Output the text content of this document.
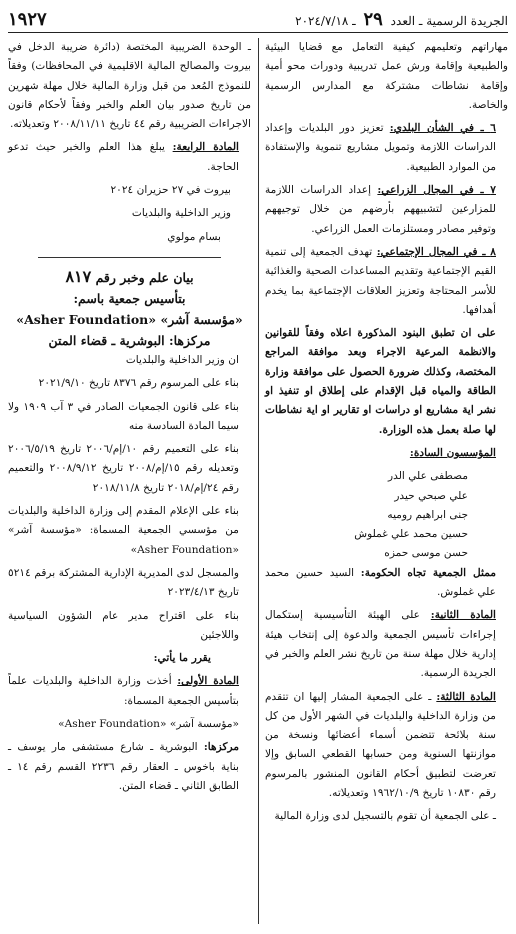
الجريدة الرسمية ـ العدد ٢٩ ـ ٢٠٢٤/٧/١٨
١٩٢٧

مهاراتهم وتعليمهم كيفية التعامل مع قضايا البيئية والطبيعية وإقامة ورش عمل تدريبية ودورات محو أمية وإقامة نشاطات مشتركة مع المدارس الرسمية والخاصة.

٦ ـ في الشأن البلدي: تعزيز دور البلديات وإعداد الدراسات اللازمة وتمويل مشاريع تنموية والإستفادة من الموارد الطبيعية.

٧ ـ في المجال الزراعي: إعداد الدراسات اللازمة للمزارعين لتشبيههم بأرضهم من خلال توجيههم وتوفير مصادر ومستلزمات العمل الزراعي.

٨ ـ في المجال الإجتماعي: تهدف الجمعية إلى تنمية القيم الإجتماعية وتقديم المساعدات الصحية والغذائية للأسر المحتاجة وتعزيز العلاقات الإجتماعية بما يخدم أهدافها.

على ان تطبق البنود المذكورة اعلاه وفقاً للقوانين والانظمة المرعية الاجراء وبعد موافقة المراجع المختصة، وكذلك ضرورة الحصول على موافقة وزارة الطاقة والمياه قبل الإقدام على إطلاق او تنفيذ او نشر اية مشاريع او دراسات او تقارير او اية نشاطات لها صلة بعمل هذه الوزارة.

المؤسسون السادة:

مصطفى علي الدر
علي صبحي حيدر
جنى ابراهيم روميه
حسين محمد علي غملوش
حسن موسى حمزه

ممثل الجمعية تجاه الحكومة: السيد حسين محمد علي غملوش.

المادة الثانية: على الهيئة التأسيسية إستكمال إجراءات تأسيس الجمعية والدعوة إلى إنتخاب هيئة إدارية خلال مهلة سنة من تاريخ نشر العلم والخبر في الجريدة الرسمية.

المادة الثالثة: ـ على الجمعية المشار إليها ان تتقدم من وزارة الداخلية والبلديات في الشهر الأول من كل سنة بلائحة تتضمن أسماء أعضائها ونسخة من موازنتها السنوية ومن حسابها القطعي السابق وإلا تعرضت لتطبيق أحكام القانون المنشور بالمرسوم رقم ١٠٨٣٠ تاريخ ١٩٦٢/١٠/٩ وتعديلاته.

ـ على الجمعية أن تقوم بالتسجيل لدى وزارة المالية

ـ الوحدة الضريبية المختصة (دائرة ضريبة الدخل في بيروت والمصالح المالية الاقليمية في المحافظات) وفقاً للنموذج المُعد من قبل وزارة المالية خلال مهلة شهرين من تاريخ صدور بيان العلم والخبر وفقاً لأحكام قانون الاجراءات الضريبية رقم ٤٤ تاريخ ٢٠٠٨/١١/١١ وتعديلاته.

المادة الرابعة: يبلغ هذا العلم والخبر حيث تدعو الحاجة.

بيروت في ٢٧ حزيران ٢٠٢٤

وزير الداخلية والبلديات

بسام مولوي

بيان علم وخبر رقم ٨١٧
بتأسيس جمعية باسم:
«مؤسسة آشر» «Asher Foundation»
مركزها: البوشرية ـ قضاء المتن

ان وزير الداخلية والبلديات

بناء على المرسوم رقم ٨٣٧٦ تاريخ ٢٠٢١/٩/١٠

بناء على قانون الجمعيات الصادر في ٣ آب ١٩٠٩ ولا سيما المادة السادسة منه

بناء على التعميم رقم ١٠/إم/٢٠٠٦ تاريخ ٢٠٠٦/٥/١٩ وتعديله رقم ١٥/إم/٢٠٠٨ تاريخ ٢٠٠٨/٩/١٢ والتعميم رقم ٢٤/إم/٢٠١٨ تاريخ ٢٠١٨/١١/٨

بناء على الإعلام المقدم إلى وزارة الداخلية والبلديات من مؤسسي الجمعية المسماة: «مؤسسة آشر» «Asher Foundation»

والمسجل لدى المديرية الإدارية المشتركة برقم ٥٢١٤ تاريخ ٢٠٢٣/٤/١٣

بناء على اقتراح مدير عام الشؤون السياسية واللاجئين

يقرر ما يأتي:

المادة الأولى: أخذت وزارة الداخلية والبلديات علماً بتأسيس الجمعية المسماة:

«مؤسسة آشر» «Asher Foundation»

مركزها: البوشرية ـ شارع مستشفى مار يوسف ـ بناية باخوس ـ العقار رقم ٢٢٣٦ القسم رقم ١٤ ـ الطابق الثاني ـ قضاء المتن.
